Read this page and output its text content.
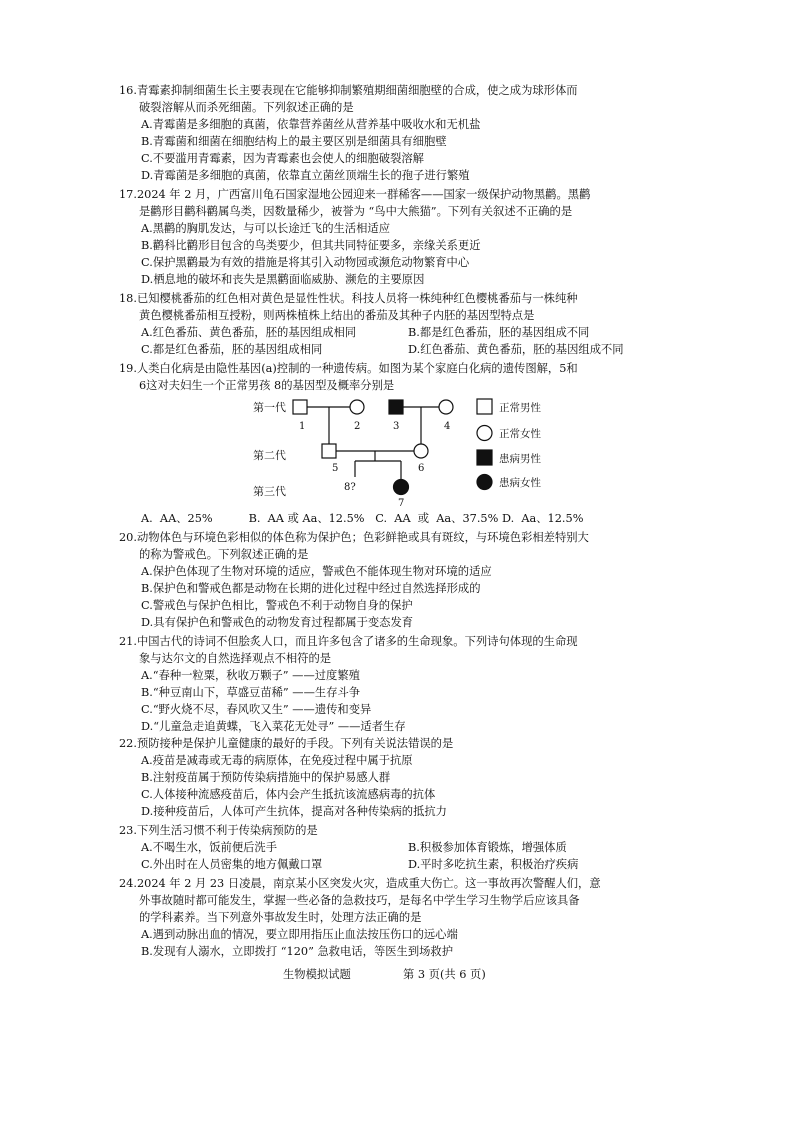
16.青霉素抑制细菌生长主要表现在它能够抑制繁殖期细菌细胞壁的合成，使之成为球形体而
破裂溶解从而杀死细菌。下列叙述正确的是
A.青霉菌是多细胞的真菌，依靠营养菌丝从营养基中吸收水和无机盐
B.青霉菌和细菌在细胞结构上的最主要区别是细菌具有细胞壁
C.不要滥用青霉素，因为青霉素也会使人的细胞破裂溶解
D.青霉菌是多细胞的真菌，依靠直立菌丝顶端生长的孢子进行繁殖
17.2024 年 2 月，广西富川龟石国家湿地公园迎来一群稀客——国家一级保护动物黑鹳。黑鹳
是鹳形目鹳科鹳属鸟类，因数量稀少，被誉为 “鸟中大熊猫”。下列有关叙述不正确的是
A.黑鹳的胸肌发达，与可以长途迁飞的生活相适应
B.鹳科比鹳形目包含的鸟类要少，但其共同特征要多，亲缘关系更近
C.保护黑鹳最为有效的措施是将其引入动物园或濒危动物繁育中心
D.栖息地的破坏和丧失是黑鹳面临威胁、濒危的主要原因
18.已知樱桃番茄的红色相对黄色是显性性状。科技人员将一株纯种红色樱桃番茄与一株纯种
黄色樱桃番茄相互授粉，则两株植株上结出的番茄及其种子内胚的基因型特点是
A.红色番茄、黄色番茄，胚的基因组成相同	B.都是红色番茄，胚的基因组成不同
C.都是红色番茄，胚的基因组成相同	D.红色番茄、黄色番茄，胚的基因组成不同
19.人类白化病是由隐性基因(a)控制的一种遗传病。如图为某个家庭白化病的遗传图解，5和
6这对夫妇生一个正常男孩 8的基因型及概率分别是
第一代
第二代
第三代
1	2	3	4
5	6
8?
7
正常男性
正常女性
患病男性
患病女性
A.  AA、25%          B.  AA 或 Aa、12.5%   C.  AA  或  Aa、37.5% D.  Aa、12.5%
20.动物体色与环境色彩相似的体色称为保护色；色彩鲜艳或具有斑纹，与环境色彩相差特别大
的称为警戒色。下列叙述正确的是
A.保护色体现了生物对环境的适应，警戒色不能体现生物对环境的适应
B.保护色和警戒色都是动物在长期的进化过程中经过自然选择形成的
C.警戒色与保护色相比，警戒色不利于动物自身的保护
D.具有保护色和警戒色的动物发育过程都属于变态发育
21.中国古代的诗词不但脍炙人口，而且许多包含了诸多的生命现象。下列诗句体现的生命现
象与达尔文的自然选择观点不相符的是
A.“春种一粒粟，秋收万颗子” ——过度繁殖
B.“种豆南山下，草盛豆苗稀” ——生存斗争
C.“野火烧不尽，春风吹又生” ——遗传和变异
D.“儿童急走追黄蝶，飞入菜花无处寻” ——适者生存
22.预防接种是保护儿童健康的最好的手段。下列有关说法错误的是
A.疫苗是减毒或无毒的病原体，在免疫过程中属于抗原
B.注射疫苗属于预防传染病措施中的保护易感人群
C.人体接种流感疫苗后，体内会产生抵抗该流感病毒的抗体
D.接种疫苗后，人体可产生抗体，提高对各种传染病的抵抗力
23.下列生活习惯不利于传染病预防的是
A.不喝生水，饭前便后洗手	B.积极参加体育锻炼，增强体质
C.外出时在人员密集的地方佩戴口罩	D.平时多吃抗生素，积极治疗疾病
24.2024 年 2 月 23 日凌晨，南京某小区突发火灾，造成重大伤亡。这一事故再次警醒人们，意
外事故随时都可能发生，掌握一些必备的急救技巧，是每名中学生学习生物学后应该具备
的学科素养。当下列意外事故发生时，处理方法正确的是
A.遇到动脉出血的情况，要立即用指压止血法按压伤口的远心端
B.发现有人溺水，立即拨打 “120” 急救电话，等医生到场救护
生物模拟试题	第 3 页(共 6 页)
